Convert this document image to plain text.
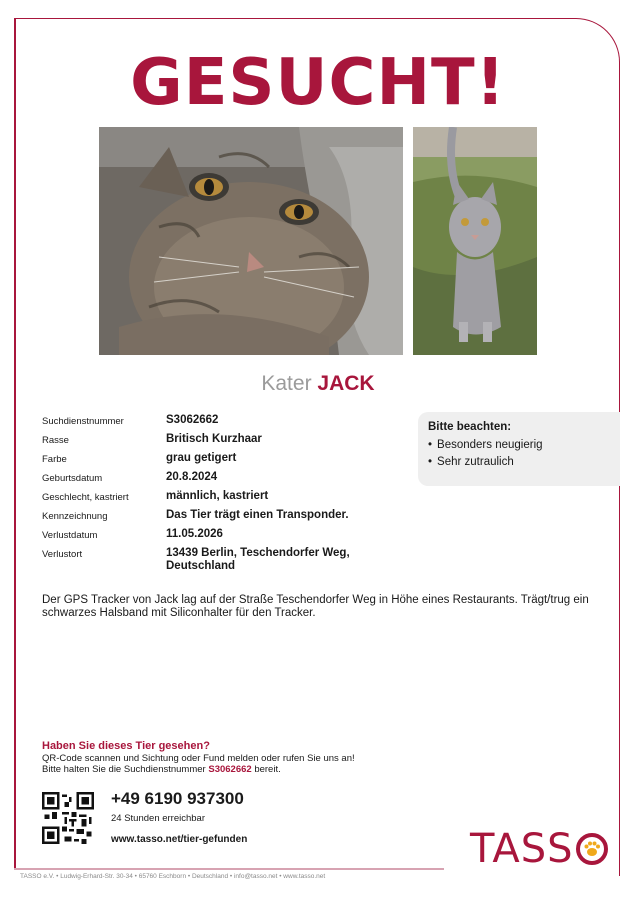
GESUCHT!
Kater JACK
Suchdienstnummer	S3062662
Rasse	Britisch Kurzhaar
Farbe	grau getigert
Geburtsdatum	20.8.2024
Geschlecht, kastriert	männlich, kastriert
Kennzeichnung	Das Tier trägt einen Transponder.
Verlustdatum	11.05.2026
Verlustort	13439 Berlin, Teschendorfer Weg, Deutschland
Bitte beachten:
• Besonders neugierig
• Sehr zutraulich
Der GPS Tracker von Jack lag auf der Straße Teschendorfer Weg in Höhe eines Restaurants. Trägt/trug ein schwarzes Halsband mit Siliconhalter für den Tracker.
Haben Sie dieses Tier gesehen?
QR-Code scannen und Sichtung oder Fund melden oder rufen Sie uns an!
Bitte halten Sie die Suchdienstnummer S3062662 bereit.
+49 6190 937300
24 Stunden erreichbar
www.tasso.net/tier-gefunden	TASS
TASSO e.V. • Ludwig-Erhard-Str. 30-34 • 65760 Eschborn • Deutschland • info@tasso.net • www.tasso.net
